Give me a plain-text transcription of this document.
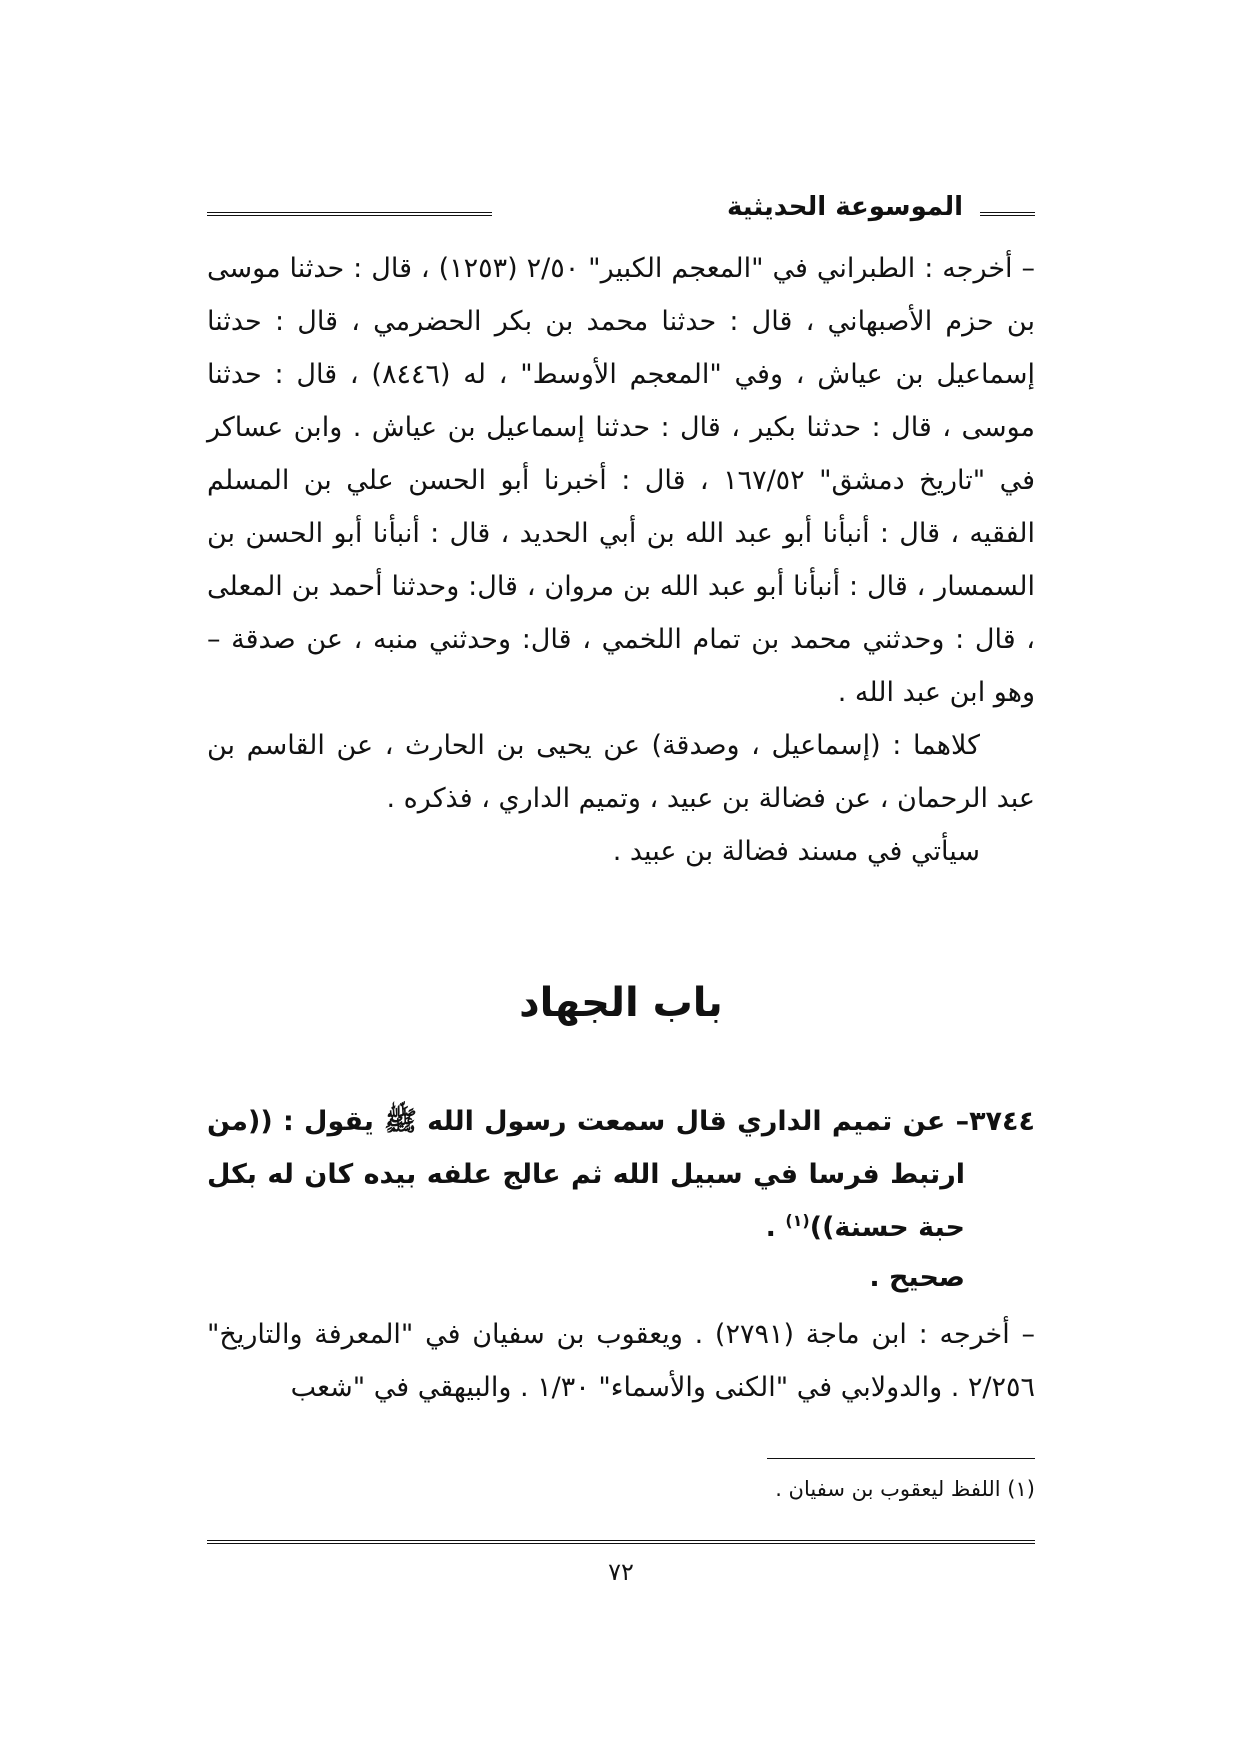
الموسوعة الحديثية

– أخرجه : الطبراني في "المعجم الكبير" ٢/٥٠ (١٢٥٣) ، قال : حدثنا موسى بن حزم الأصبهاني ، قال : حدثنا محمد بن بكر الحضرمي ، قال : حدثنا إسماعيل بن عياش ، وفي "المعجم الأوسط" ، له (٨٤٤٦) ، قال : حدثنا موسى ، قال : حدثنا بكير ، قال : حدثنا إسماعيل بن عياش . وابن عساكر في "تاريخ دمشق" ١٦٧/٥٢ ، قال : أخبرنا أبو الحسن علي بن المسلم الفقيه ، قال : أنبأنا أبو عبد الله بن أبي الحديد ، قال : أنبأنا أبو الحسن بن السمسار ، قال : أنبأنا أبو عبد الله بن مروان ، قال: وحدثنا أحمد بن المعلى ، قال : وحدثني محمد بن تمام اللخمي ، قال: وحدثني منبه ، عن صدقة – وهو ابن عبد الله .

كلاهما : (إسماعيل ، وصدقة) عن يحيى بن الحارث ، عن القاسم بن عبد الرحمان ، عن فضالة بن عبيد ، وتميم الداري ، فذكره .

سيأتي في مسند فضالة بن عبيد .

باب الجهاد

٣٧٤٤– عن تميم الداري قال سمعت رسول الله ﷺ يقول : ((من ارتبط فرسا في سبيل الله ثم عالج علفه بيده كان له بكل حبة حسنة))$^{(١)}$ .

صحيح .

– أخرجه : ابن ماجة (٢٧٩١) . ويعقوب بن سفيان في "المعرفة والتاريخ" ٢/٢٥٦ . والدولابي في "الكنى والأسماء" ١/٣٠ . والبيهقي في "شعب

(١) اللفظ ليعقوب بن سفيان .
٧٢
